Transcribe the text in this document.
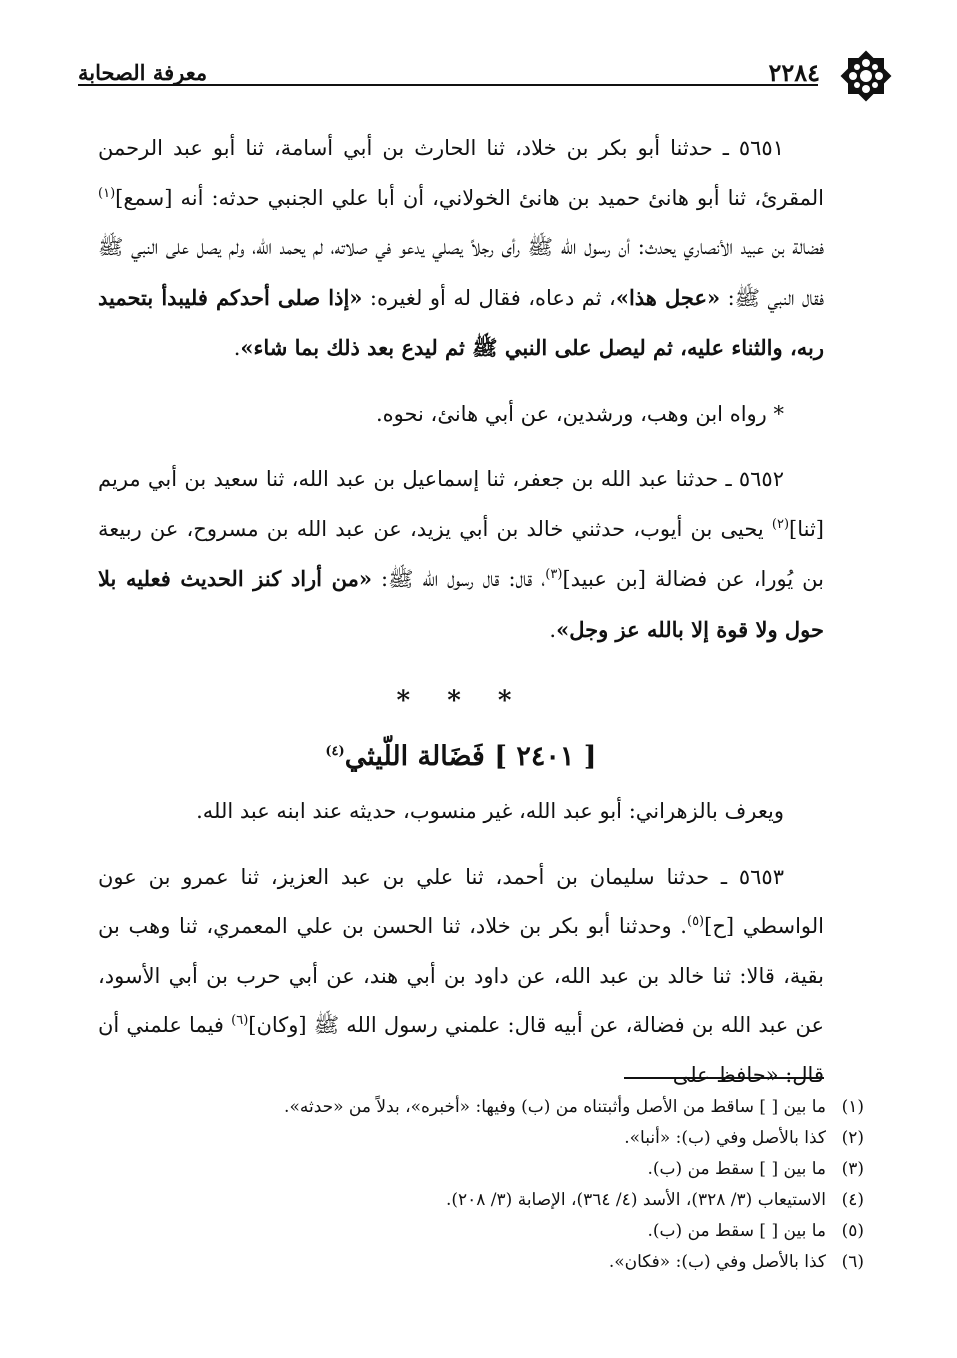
٢٢٨٤
معرفة الصحابة

٥٦٥١ ـ حدثنا أبو بكر بن خلاد، ثنا الحارث بن أبي أسامة، ثنا أبو عبد الرحمن المقرئ، ثنا أبو هانئ حميد بن هانئ الخولاني، أن أبا علي الجنبي حدثه: أنه [سمع]$^{(١)}$ فضالة بن عبيد الأنصاري يحدث: أن رسول الله ﷺ رأى رجلاً يصلي يدعو في صلاته، لم يحمد الله، ولم يصل على النبي ﷺ فقال النبي ﷺ: «عجل هذا»، ثم دعاه، فقال له أو لغيره: «إذا صلى أحدكم فليبدأ بتحميد ربه، والثناء عليه، ثم ليصل على النبي ﷺ ثم ليدع بعد ذلك بما شاء».

* رواه ابن وهب، ورشدين، عن أبي هانئ، نحوه.

٥٦٥٢ ـ حدثنا عبد الله بن جعفر، ثنا إسماعيل بن عبد الله، ثنا سعيد بن أبي مريم [ثنا]$^{(٢)}$ يحيى بن أيوب، حدثني خالد بن أبي يزيد، عن عبد الله بن مسروح، عن ربيعة بن يُورا، عن فضالة [بن عبيد]$^{(٣)}$، قال: قال رسول الله ﷺ: «من أراد كنز الحديث فعليه بلا حول ولا قوة إلا بالله عز وجل».

* * *
[ ٢٤٠١ ] فَضَالة اللّيثي$^{(٤)}$

ويعرف بالزهراني: أبو عبد الله، غير منسوب، حديثه عند ابنه عبد الله.

٥٦٥٣ ـ حدثنا سليمان بن أحمد، ثنا علي بن عبد العزيز، ثنا عمرو بن عون الواسطي [ح]$^{(٥)}$. وحدثنا أبو بكر بن خلاد، ثنا الحسن بن علي المعمري، ثنا وهب بن بقية، قالا: ثنا خالد بن عبد الله، عن داود بن أبي هند، عن أبي حرب بن أبي الأسود، عن عبد الله بن فضالة، عن أبيه قال: علمني رسول الله ﷺ [وكان]$^{(٦)}$ فيما علمني أن قال: «حافظ على

(١)
ما بين [ ] ساقط من الأصل وأثبتناه من (ب) وفيها: «أخبره»، بدلاً من «حدثه».
(٢)
كذا بالأصل وفي (ب): «أنبا».
(٣)
ما بين [ ] سقط من (ب).
(٤)
الاستيعاب (٣/ ٣٢٨)، الأسد (٤/ ٣٦٤)، الإصابة (٣/ ٢٠٨).
(٥)
ما بين [ ] سقط من (ب).
(٦)
كذا بالأصل وفي (ب): «فكان».
